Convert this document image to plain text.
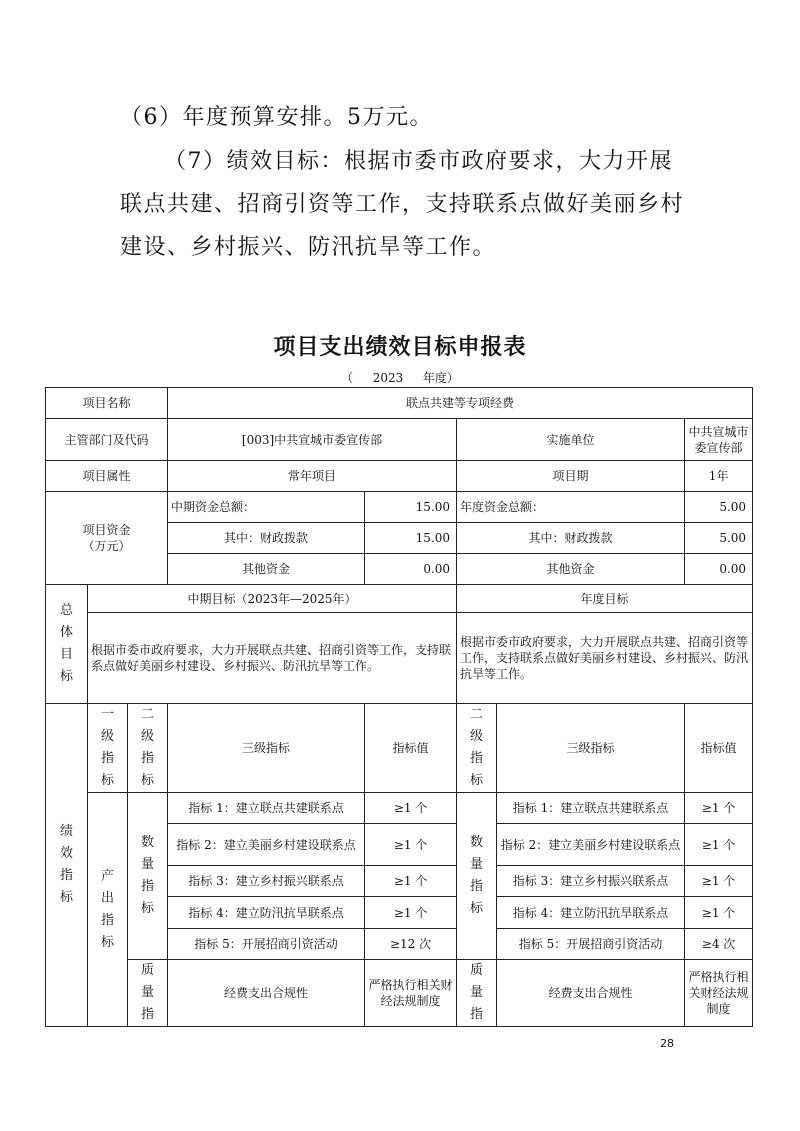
（6）年度预算安排。5万元。

（7）绩效目标：根据市委市政府要求，大力开展联点共建、招商引资等工作，支持联系点做好美丽乡村建设、乡村振兴、防汛抗旱等工作。

项目支出绩效目标申报表
（ 2023 年度）
项目名称			联点共建等专项经费				
主管部门及代码			[003]中共宣城市委宣传部		实施单位		中共宣城市委宣传部
项目属性			常年项目		项目期		1年

项目资金
（万元）			中期资金总额：	15.00	年度资金总额：		5.00
			其中：财政拨款	15.00	其中：财政拨款		5.00
			其他资金	0.00	其他资金		0.00
总体目标	中期目标（2023年—2025年）				年度目标		
	根据市委市政府要求，大力开展联点共建、招商引资等工作，支持联系点做好美丽乡村建设、乡村振兴、防汛抗旱等工作。				根据市委市政府要求，大力开展联点共建、招商引资等工作，支持联系点做好美丽乡村建设、乡村振兴、防汛抗旱等工作。		
绩效指标	一级指标	二级指标	三级指标	指标值	二级指标	三级指标	指标值
	产出指标	数量指标	指标 1：建立联点共建联系点	≥1 个	数量指标	指标 1：建立联点共建联系点	≥1 个
			指标 2：建立美丽乡村建设联系点	≥1 个		指标 2：建立美丽乡村建设联系点	≥1 个
			指标 3：建立乡村振兴联系点	≥1 个		指标 3：建立乡村振兴联系点	≥1 个
			指标 4：建立防汛抗旱联系点	≥1 个		指标 4：建立防汛抗旱联系点	≥1 个
			指标 5：开展招商引资活动	≥12 次		指标 5：开展招商引资活动	≥4 次
		质量指	经费支出合规性	严格执行相关财经法规制度	质量指	经费支出合规性	严格执行相关财经法规制度
28
